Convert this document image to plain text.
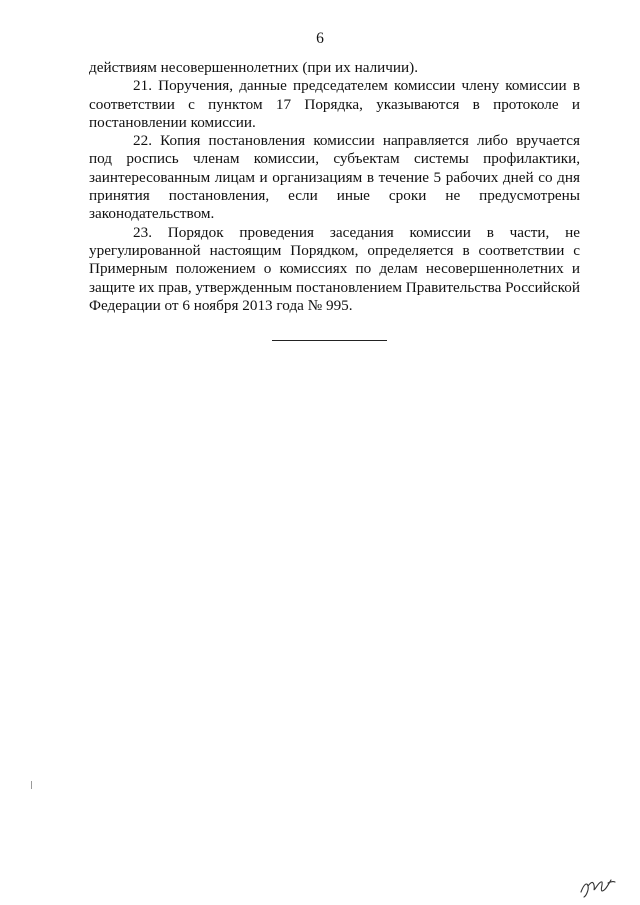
6

действиям несовершеннолетних (при их наличии).

21. Поручения, данные председателем комиссии члену комиссии в соответствии с пунктом 17 Порядка, указываются в протоколе и постановлении комиссии.

22. Копия постановления комиссии направляется либо вручается под роспись членам комиссии, субъектам системы профилактики, заинтересованным лицам и организациям в течение 5 рабочих дней со дня принятия постановления, если иные сроки не предусмотрены законодательством.

23. Порядок проведения заседания комиссии в части, не урегулированной настоящим Порядком, определяется в соответствии с Примерным положением о комиссиях по делам несовершеннолетних и защите их прав, утвержденным постановлением Правительства Российской Федерации от 6 ноября 2013 года № 995.
